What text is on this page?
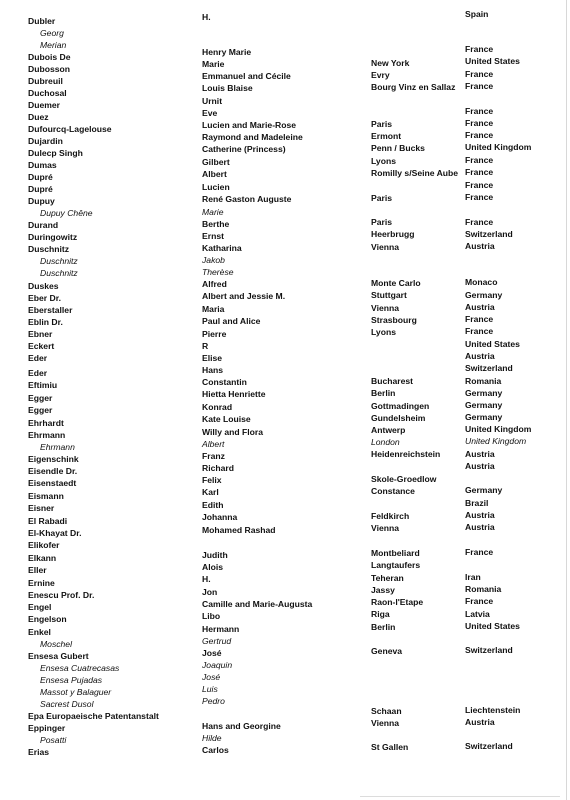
Dubler
Georg
Merian
Dubois De
Dubosson
Dubreuil
Duchosal
Duemer
Duez
Dufourcq-Lagelouse
Dujardin
Dulecp Singh
Dumas
Dupré
Dupré
Dupuy
Dupuy Chêne
Durand
Duringowitz
Duschnitz
Duschnitz
Duschnitz
Duskes
Eber Dr.
Eberstaller
Eblin Dr.
Ebner
Eckert
Eder
Eder
Eftimiu
Egger
Egger
Ehrhardt
Ehrmann
Ehrmann
Eigenschink
Eisendle Dr.
Eisenstaedt
Eismann
Eisner
El Rabadi
El-Khayat Dr.
Elikofer
Elkann
Eller
Ernine
Enescu Prof. Dr.
Engel
Engelson
Enkel
Moschel
Ensesa Gubert
Ensesa Cuatrecasas
Ensesa Pujadas
Massot y Balaguer
Sacrest Dusol
Epa Europaeische Patentanstalt
Eppinger
Posatti
Erias
H.
Henry Marie
Marie
Emmanuel and Cécile
Louis Blaise
Urnit
Eve
Lucien and Marie-Rose
Raymond and Madeleine
Catherine (Princess)
Gilbert
Albert
Lucien
René Gaston Auguste
Marie
Berthe
Ernst
Katharina
Jakob
Therèse
Alfred
Albert and Jessie M.
Maria
Paul and Alice
Pierre
R
Elise
Hans
Constantin
Hietta Henriette
Konrad
Kate Louise
Willy and Flora
Albert
Franz
Richard
Felix
Karl
Edith
Johanna
Mohamed Rashad
Judith
Alois
H.
Jon
Camille and Marie-Augusta
Libo
Hermann
Gertrud
José
Joaquin
José
Luis
Pedro
Hans and Georgine
Hilde
Carlos
New York
Evry
Bourg Vinz en Sallaz
Paris
Ermont
Penn / Bucks
Lyons
Romilly s/Seine Aube
Paris
Paris
Heerbrugg
Vienna
Monte Carlo
Stuttgart
Vienna
Strasbourg
Lyons
Bucharest
Berlin
Gottmadingen
Gundelsheim
Antwerp
London
Heidenreichstein
Skole-Groedlow
Constance
Feldkirch
Vienna
Montbeliard
Langtaufers
Teheran
Jassy
Raon-l'Etape
Riga
Berlin
Geneva
Schaan
Vienna
St Gallen
Spain
France
United States
France
France
France
France
France
United Kingdom
France
France
France
France
France
Switzerland
Austria
Monaco
Germany
Austria
France
France
United States
Austria
Switzerland
Romania
Germany
Germany
Germany
United Kingdom
United Kingdom
Austria
Austria
Germany
Brazil
Austria
Austria
France
Iran
Romania
France
Latvia
United States
Switzerland
Liechtenstein
Austria
Switzerland
